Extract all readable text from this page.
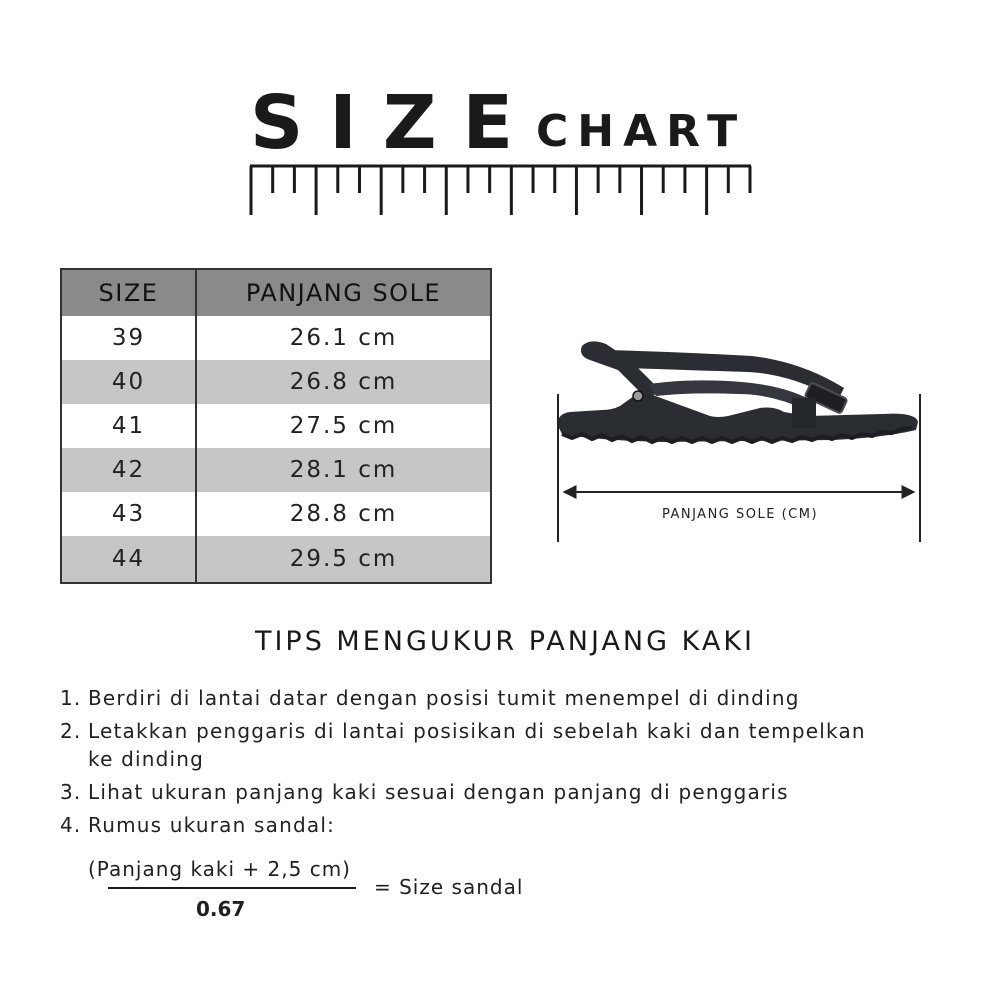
SIZE
CHART
SIZE	PANJANG SOLE
39	26.1 cm
40	26.8 cm
41	27.5 cm
42	28.1 cm
43	28.8 cm
44	29.5 cm
PANJANG SOLE (CM)
TIPS MENGUKUR PANJANG KAKI
1. Berdiri di lantai datar dengan posisi tumit menempel di dinding
2. Letakkan penggaris di lantai posisikan di sebelah kaki dan tempelkan
ke dinding
3. Lihat ukuran panjang kaki sesuai dengan panjang di penggaris
4. Rumus ukuran sandal:
(Panjang kaki + 2,5 cm)
0.67
= Size sandal
